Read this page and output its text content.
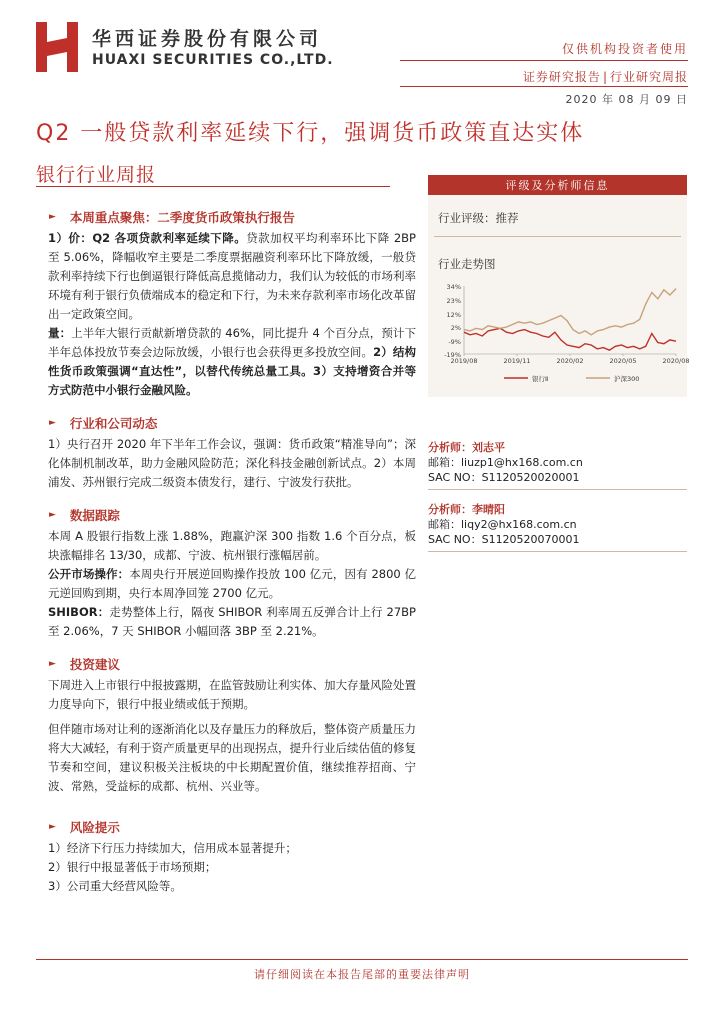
华西证券股份有限公司
HUAXI SECURITIES CO.,LTD.
仅供机构投资者使用
证券研究报告 | 行业研究周报
2020 年 08 月 09 日
Q2 一般贷款利率延续下行，强调货币政策直达实体
银行行业周报
► 本周重点聚焦：二季度货币政策执行报告
1）价：Q2 各项贷款利率延续下降。贷款加权平均利率环比下降 2BP 至 5.06%，降幅收窄主要是二季度票据融资利率环比下降放缓，一般贷款利率持续下行也倒逼银行降低高息揽储动力，我们认为较低的市场利率环境有利于银行负债端成本的稳定和下行，为未来存款利率市场化改革留出一定政策空间。
量：上半年大银行贡献新增贷款的 46%，同比提升 4 个百分点，预计下半年总体投放节奏会边际放缓，小银行也会获得更多投放空间。2）结构性货币政策强调“直达性”，以替代传统总量工具。3）支持增资合并等方式防范中小银行金融风险。
► 行业和公司动态
1）央行召开 2020 年下半年工作会议，强调：货币政策“精准导向”；深化体制机制改革，助力金融风险防范；深化科技金融创新试点。2）本周浦发、苏州银行完成二级资本债发行，建行、宁波发行获批。
► 数据跟踪
本周 A 股银行指数上涨 1.88%，跑赢沪深 300 指数 1.6 个百分点，板块涨幅排名 13/30，成都、宁波、杭州银行涨幅居前。
公开市场操作：本周央行开展逆回购操作投放 100 亿元，因有 2800 亿元逆回购到期，央行本周净回笼 2700 亿元。
SHIBOR：走势整体上行，隔夜 SHIBOR 利率周五反弹合计上行 27BP 至 2.06%，7 天 SHIBOR 小幅回落 3BP 至 2.21%。
► 投资建议
下周进入上市银行中报披露期，在监管鼓励让利实体、加大存量风险处置力度导向下，银行中报业绩或低于预期。
但伴随市场对让利的逐渐消化以及存量压力的释放后，整体资产质量压力将大大减轻，有利于资产质量更早的出现拐点，提升行业后续估值的修复节奏和空间，建议积极关注板块的中长期配置价值，继续推荐招商、宁波、常熟，受益标的成都、杭州、兴业等。
► 风险提示
1）经济下行压力持续加大，信用成本显著提升；
2）银行中报显著低于市场预期；
3）公司重大经营风险等。
评级及分析师信息
行业评级：推荐
行业走势图
34%
23%
12%
2%
-9%
-19%
2019/08	2019/11	2020/02	2020/05	2020/08
银行Ⅱ	沪深300
分析师：刘志平
邮箱：liuzp1@hx168.com.cn
SAC NO：S1120520020001
分析师：李晴阳
邮箱：liqy2@hx168.com.cn
SAC NO：S1120520070001
请仔细阅读在本报告尾部的重要法律声明
